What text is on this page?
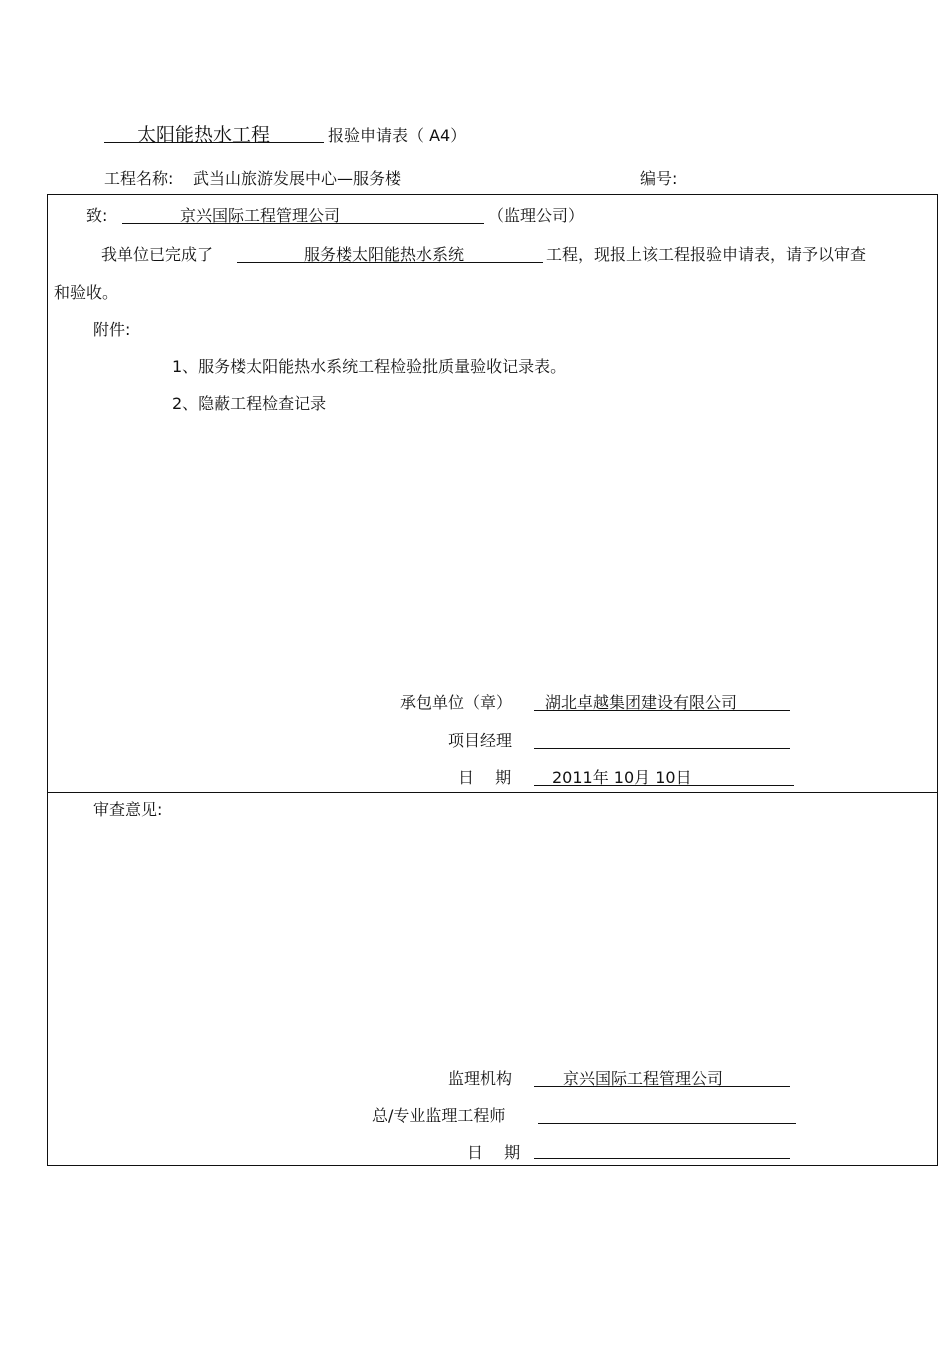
太阳能热水工程	报验申请表（ A4）
工程名称: 武当山旅游发展中心—服务楼	编号:
致:	京兴国际工程管理公司	（监理公司）
我单位已完成了	服务楼太阳能热水系统	工程，现报上该工程报验申请表，请予以审查
和验收。
附件:
1、服务楼太阳能热水系统工程检验批质量验收记录表。
2、隐蔽工程检查记录
承包单位（章） 湖北卓越集团建设有限公司
项目经理
日　 期	2011年 10月 10日
审查意见:
监理机构	京兴国际工程管理公司
总/专业监理工程师
日　 期
